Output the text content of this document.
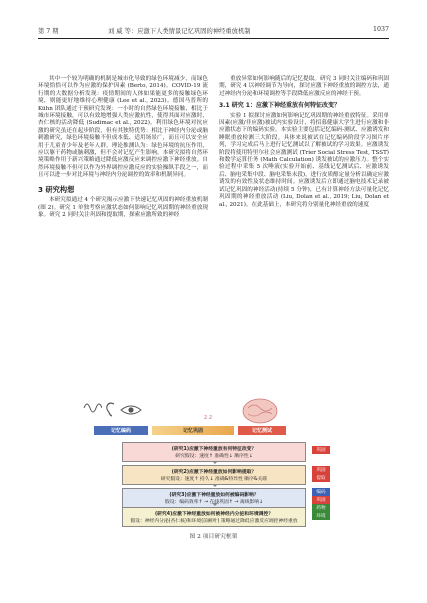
第 7 期	刘 威 等：应激下人类情景记忆巩固的神经重放机制	1037

其中一个较为明确的机制是城市化导致的绿色环境减少，而绿色环境恰恰可以作为应激的保护因素 (Berto, 2014)。COVID-19 流行期的大数据分析发现：疫情期间的人体如果能更多的接触绿色环境，则能更好地维持心理健康 (Lee et al., 2023)。德国马普所的 Kühn 团队通过干预研究发现：一小时的自然绿色环境接触，相比于城市环境接触，可以有效地增强人类应激抗性，使得其面对应激时，杏仁核的活动降低 (Sudimac et al., 2022)。利用绿色环境对抗应激的研究虽还在起步阶段，但有其独特优势：相比于神经内分泌或脑刺激研究，绿色环境接触不但成本低、适用场景广，而且可以安全应用于儿童青少年及老年人群。理论推测认为：绿色环境的抗压作用，应以躯干药物或脑刺激，但不会对记忆产生影响。本研究拟将自然环境策略作用于新兴策略通过降低应激反应来调控应激下神经重放。自然环境接触不但可以作为外界调控应激反应的实验操纵手段之一，而且可以进一步对比环境与神经内分泌调控的效率和机制异同。

3 研究构想

本研究拟通过 4 个研究揭示应激下快速记忆巩固的神经重放机制(图 2)。研究 1 单独考察应激状态如何影响记忆巩固期的神经重放现象。研究 2 同时关注巩固和提取期，探索应激所致的神经

重放异常如何影响随后的记忆提取。研究 3 同时关注编码和巩固期，研究 4 以神经调节为导向，探讨应激下神经重放的调控方法，通过神经内分泌和环境调控等手段降低应激反应的神经干预。

3.1 研究 1：应激下神经重放有何特征改变？

实验 1 拟探讨应激如何影响记忆巩固期的神经重放特征。采用单因素(应激/非应激)被试内实验设计，将招募健康大学生进行应激和非应激状态下的编码实验。本实验主要包括记忆编码-测试、应激诱发和睡眠重放检测三大阶段。具体来说被试在记忆编码阶段学习图片序列，学习完成后马上进行记忆测试以了解被试的学习效果。应激诱发阶段将使用特里尔社会应激测试 (Trier Social Stress Test, TSST) 和数学运算任务 (Math Calculation) 诱发被试的应激压力。整个实验过程中采集 5 次唾液(实验开始前、基线记忆测试后、应激诱发后、脑电采集中段、脑电采集末段)，进行皮质醇定量分析以确定应激诱发的有效性及状态维持时间。应激诱发后立即通过脑电技术记录被试记忆巩固的神经活动(持续 5 分钟)，已有计算神经方法可量化记忆巩固期的神经重放活动 (Liu, Dolan et al., 2019; Liu, Dolan et al., 2021)。在此基础上，本研究将分别量化神经重放的速度

z z
记忆编码	记忆巩固	记忆测试
(研究1)应激下神经重放有何特征改变？
研究假设：速度↑ 准确性↓ 顺序性↓
(研究2)应激下神经重放如何影响提取？
研究假设：速度↑ 持久↓ 准确&特异性 顺序&关联
(研究3)应激下神经重放如何被编码影响？
假设：编码效率↑ → 在线巩固↑ → 离线影响↓
(研究4)应激下神经重放如何被神经内分泌和环境调控？
假设：神经内分泌(杏仁核)和环境(前额叶) 策略通过降低应激反应调控神经重放
巩固
巩固
提取
编码
巩固
药物
环境
图 2 项目研究框架
